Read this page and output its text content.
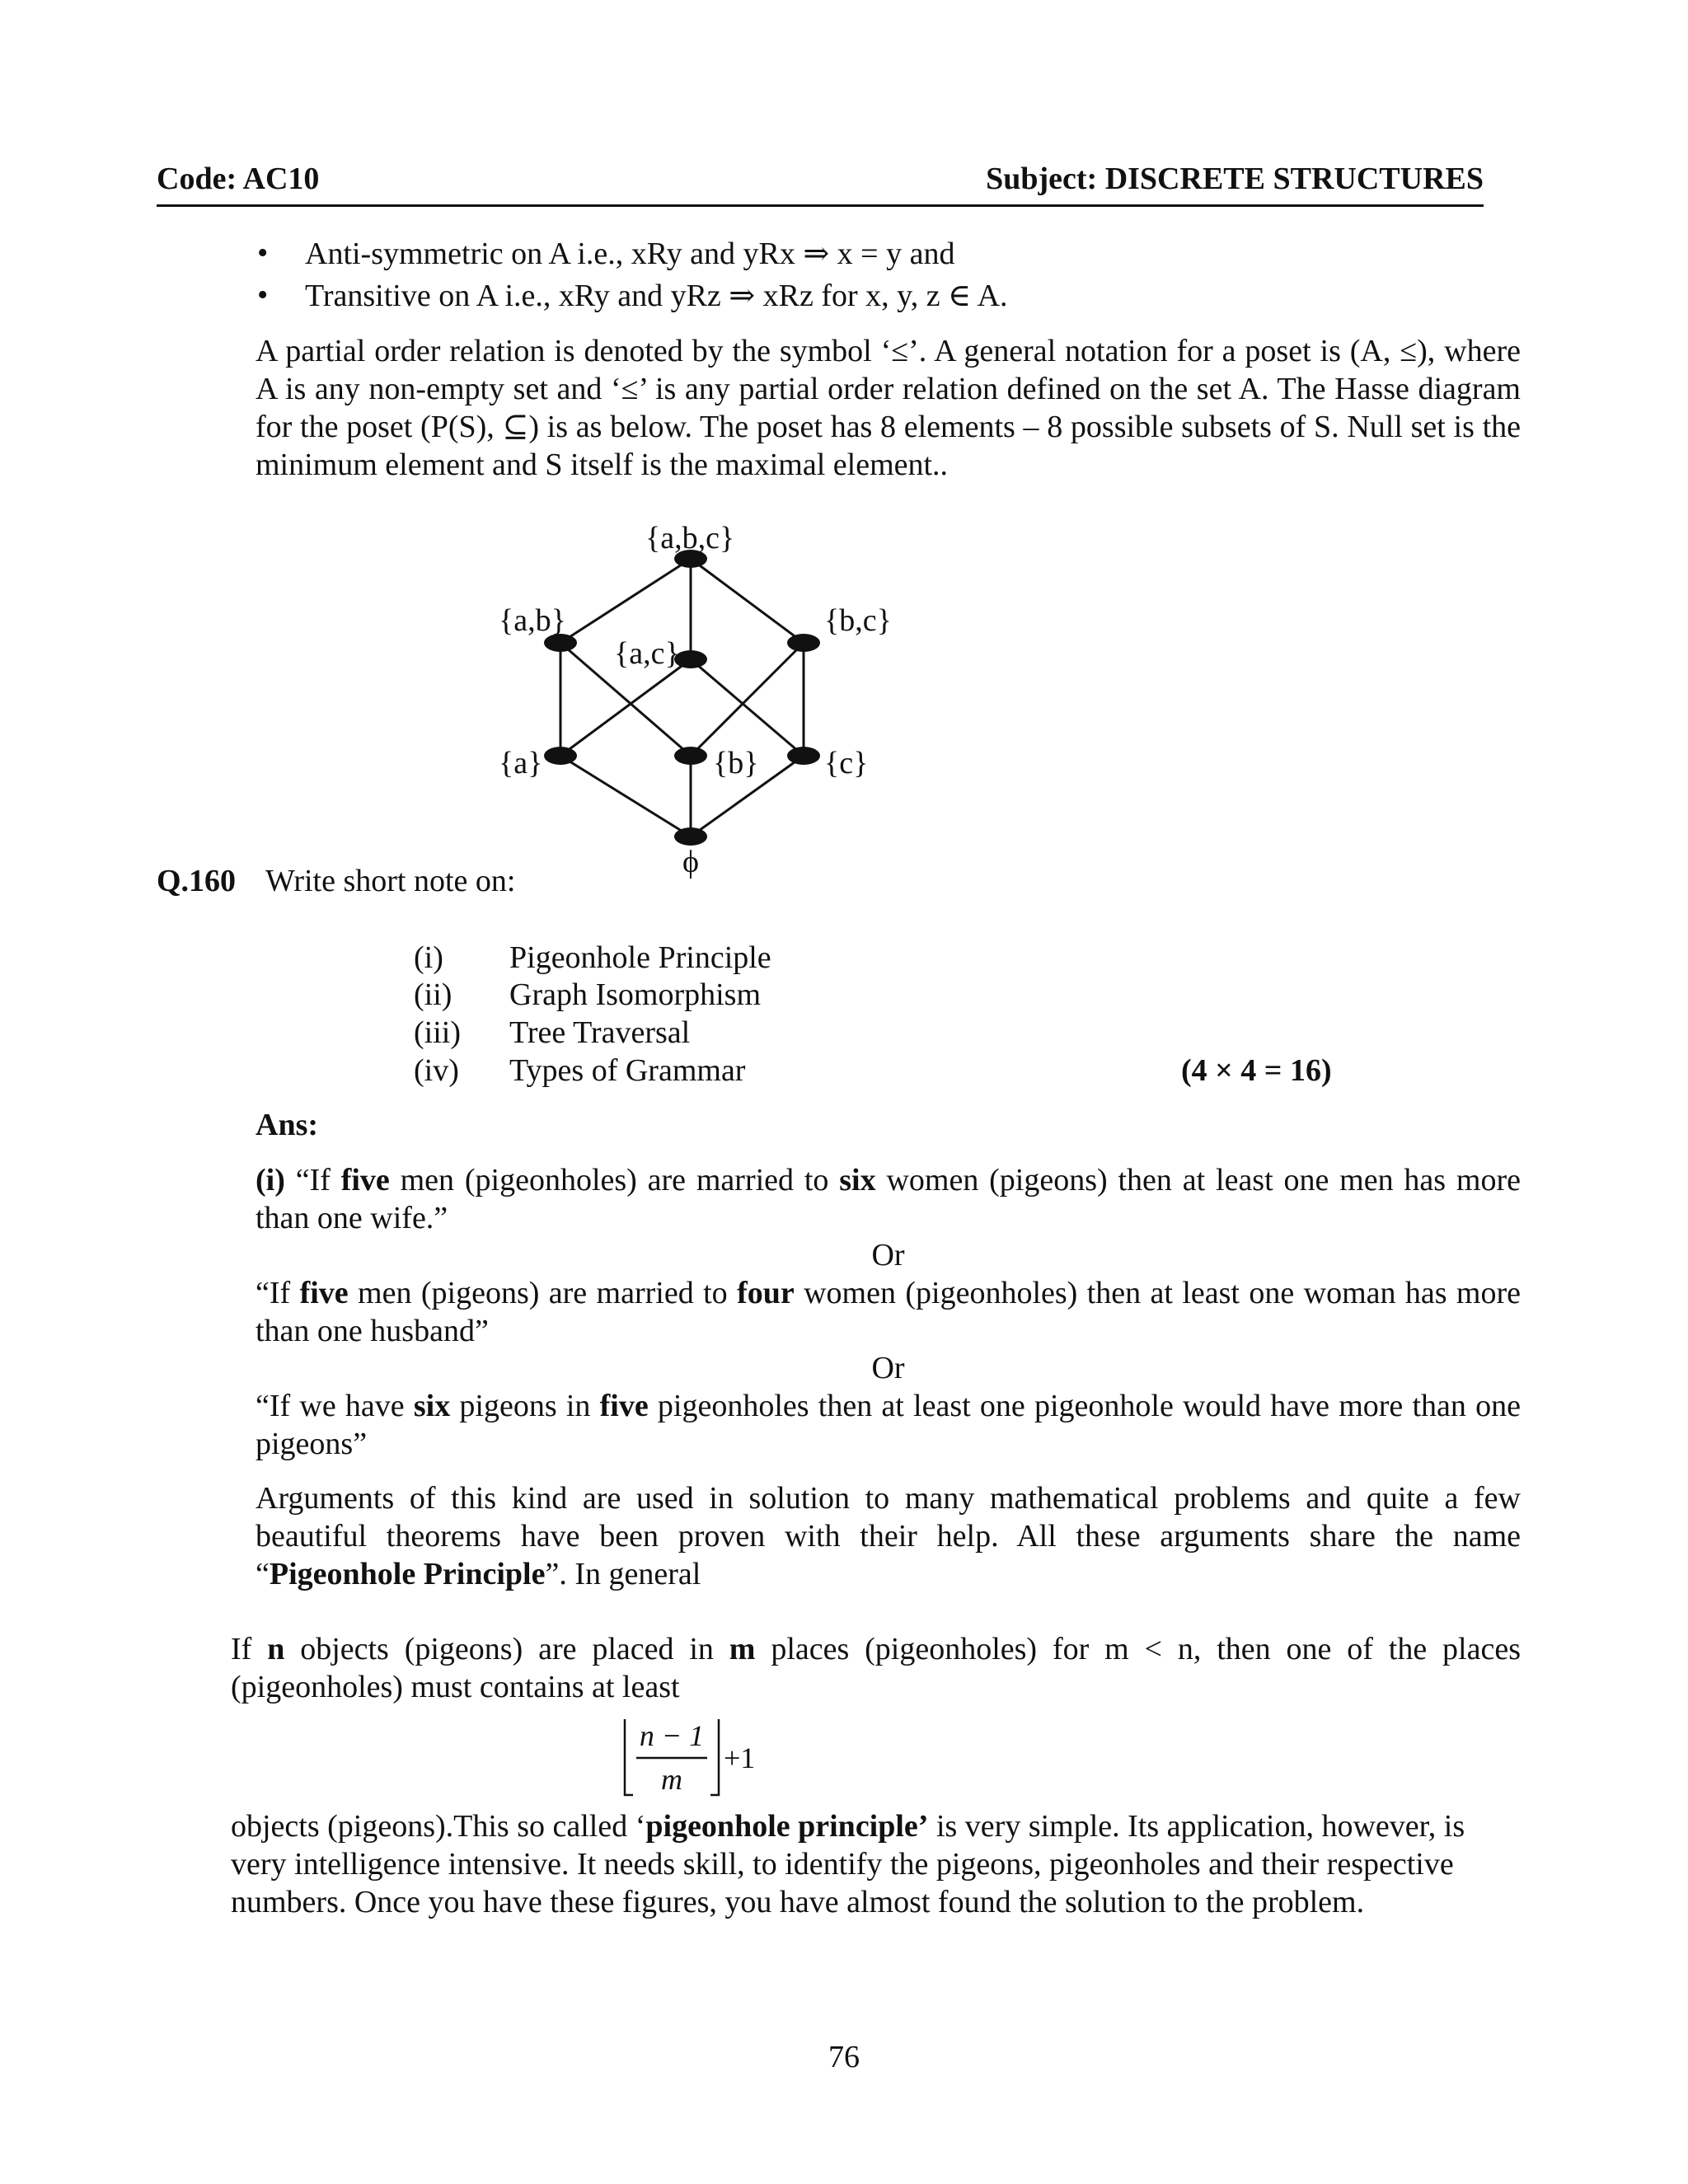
Code: AC10	Subject: DISCRETE STRUCTURES
• Anti-symmetric on A i.e., xRy and yRx ⇒ x = y and
• Transitive on A i.e., xRy and yRz ⇒ xRz for x, y, z ∈ A.
A partial order relation is denoted by the symbol ‘≤’. A general notation for a poset is (A, ≤), where A is any non-empty set and ‘≤’ is any partial order relation defined on the set A. The Hasse diagram for the poset (P(S), ⊆) is as below. The poset has 8 elements – 8 possible subsets of S. Null set is the minimum element and S itself is the maximal element..
{a,b,c}
{a,b}
{a,c}
{b,c}
{a}	{b} {c}
ϕ
Q.160 Write short note on:
(i) Pigeonhole Principle
(ii) Graph Isomorphism
(iii) Tree Traversal
(iv) Types of Grammar	(4 × 4 = 16)
Ans:
(i) “If five men (pigeonholes) are married to six women (pigeons) then at least one men has more than one wife.”
Or
“If five men (pigeons) are married to four women (pigeonholes) then at least one woman has more than one husband”
Or
“If we have six pigeons in five pigeonholes then at least one pigeonhole would have more than one pigeons”
Arguments of this kind are used in solution to many mathematical problems and quite a few beautiful theorems have been proven with their help. All these arguments share the name “Pigeonhole Principle”. In general
If n objects (pigeons) are placed in m places (pigeonholes) for m < n, then one of the places (pigeonholes) must contains at least
n − 1
m
+1
objects (pigeons).This so called ‘pigeonhole principle’ is very simple. Its application, however, is very intelligence intensive. It needs skill, to identify the pigeons, pigeonholes and their respective numbers. Once you have these figures, you have almost found the solution to the problem.
76
